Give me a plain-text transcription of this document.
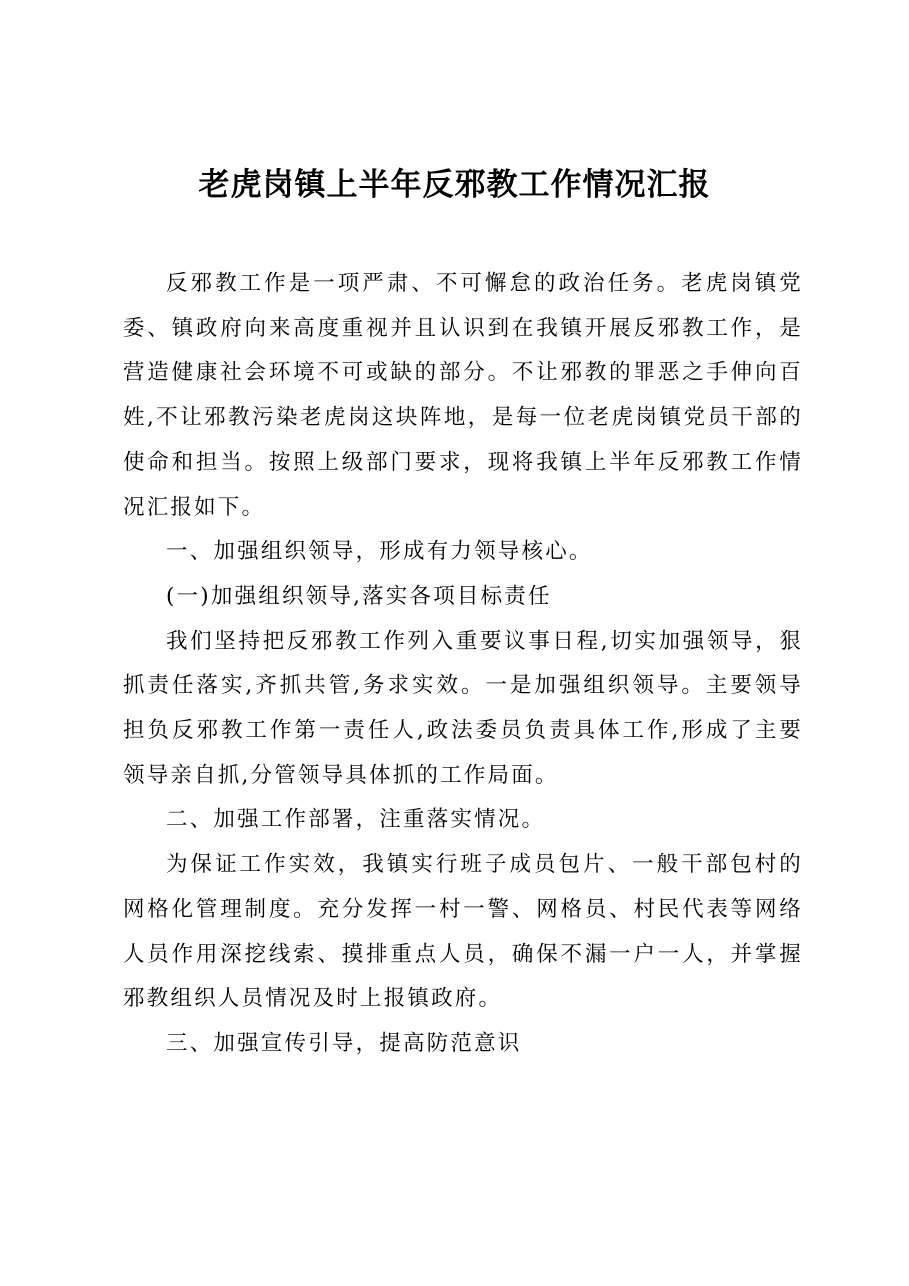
老虎岗镇上半年反邪教工作情况汇报

反邪教工作是一项严肃、不可懈怠的政治任务。老虎岗镇党委、镇政府向来高度重视并且认识到在我镇开展反邪教工作，是营造健康社会环境不可或缺的部分。不让邪教的罪恶之手伸向百姓,不让邪教污染老虎岗这块阵地，是每一位老虎岗镇党员干部的使命和担当。按照上级部门要求，现将我镇上半年反邪教工作情况汇报如下。

一、加强组织领导，形成有力领导核心。

(一)加强组织领导,落实各项目标责任

我们坚持把反邪教工作列入重要议事日程,切实加强领导，狠抓责任落实,齐抓共管,务求实效。一是加强组织领导。主要领导担负反邪教工作第一责任人,政法委员负责具体工作,形成了主要领导亲自抓,分管领导具体抓的工作局面。

二、加强工作部署，注重落实情况。

为保证工作实效，我镇实行班子成员包片、一般干部包村的网格化管理制度。充分发挥一村一警、网格员、村民代表等网络人员作用深挖线索、摸排重点人员，确保不漏一户一人，并掌握邪教组织人员情况及时上报镇政府。

三、加强宣传引导，提高防范意识
